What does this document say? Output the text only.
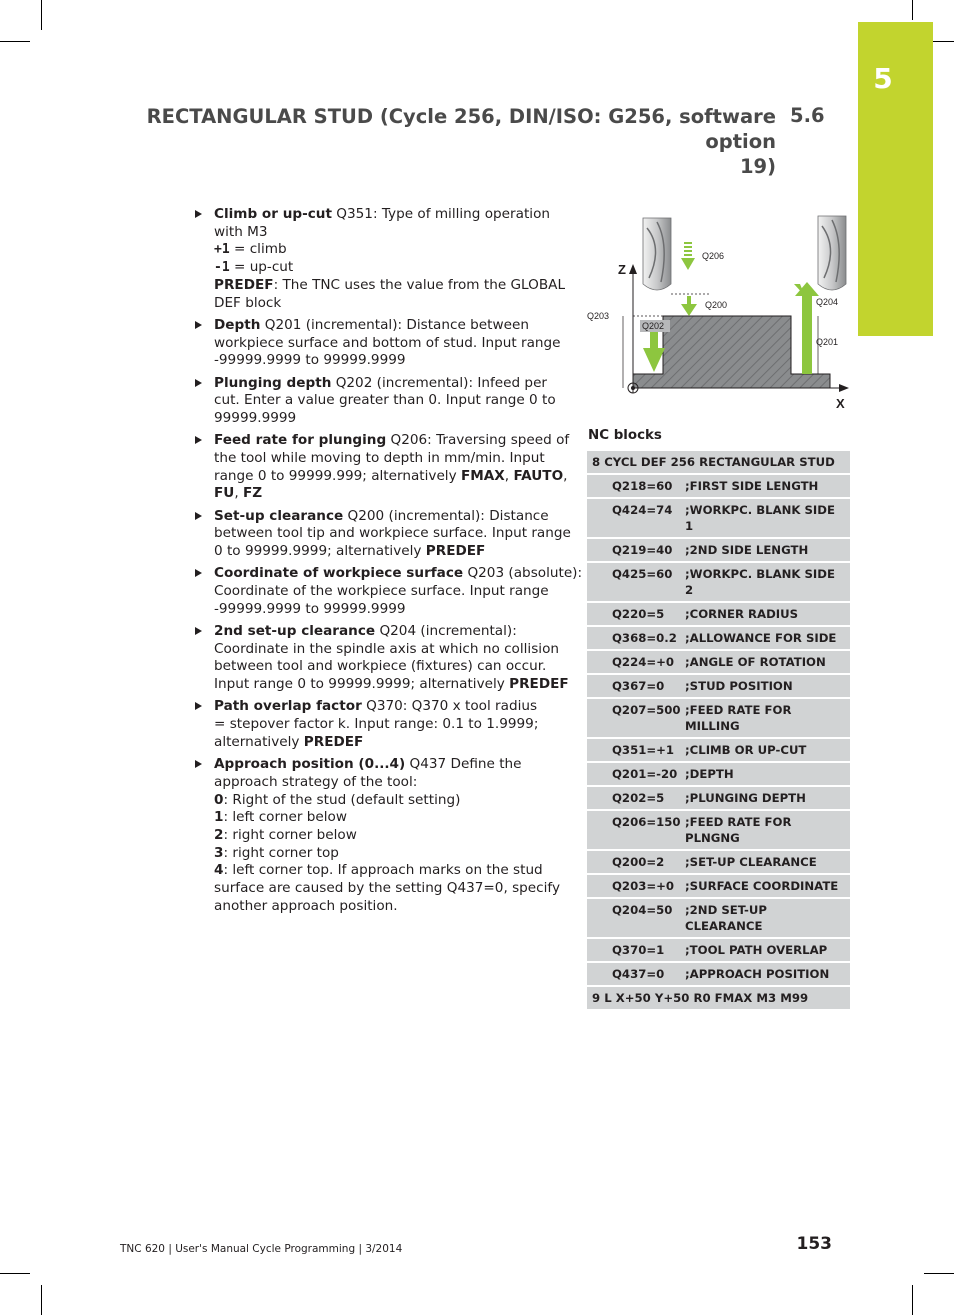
5
RECTANGULAR STUD (Cycle 256, DIN/ISO: G256, software option
19)
5.6
Climb or up-cut Q351: Type of milling operation
with M3
+1 = climb
-1 = up-cut
PREDEF: The TNC uses the value from the GLOBAL
DEF block
Depth Q201 (incremental): Distance between
workpiece surface and bottom of stud. Input range
-99999.9999 to 99999.9999
Plunging depth Q202 (incremental): Infeed per
cut. Enter a value greater than 0. Input range 0 to
99999.9999
Feed rate for plunging Q206: Traversing speed of
the tool while moving to depth in mm/min. Input
range 0 to 99999.999; alternatively FMAX, FAUTO,
FU, FZ
Set-up clearance Q200 (incremental): Distance
between tool tip and workpiece surface. Input range
0 to 99999.9999; alternatively PREDEF
Coordinate of workpiece surface Q203 (absolute):
Coordinate of the workpiece surface. Input range
-99999.9999 to 99999.9999
2nd set-up clearance Q204 (incremental):
Coordinate in the spindle axis at which no collision
between tool and workpiece (fixtures) can occur.
Input range 0 to 99999.9999; alternatively PREDEF
Path overlap factor Q370: Q370 x tool radius
= stepover factor k. Input range: 0.1 to 1.9999;
alternatively PREDEF
Approach position (0...4) Q437 Define the
approach strategy of the tool:
0: Right of the stud (default setting)
1: left corner below
2: right corner below
3: right corner top
4: left corner top. If approach marks on the stud
surface are caused by the setting Q437=0, specify
another approach position.
Z
X
Q206
Q200	Q204
Q203
Q202
Q201
NC blocks
8 CYCL DEF 256 RECTANGULAR STUD
Q218=60	;FIRST SIDE LENGTH
Q424=74	;WORKPC. BLANK SIDE 1
Q219=40	;2ND SIDE LENGTH
Q425=60	;WORKPC. BLANK SIDE 2
Q220=5	;CORNER RADIUS
Q368=0.2 ;ALLOWANCE FOR SIDE
Q224=+0 ;ANGLE OF ROTATION
Q367=0	;STUD POSITION
Q207=500 ;FEED RATE FOR MILLING
Q351=+1 ;CLIMB OR UP-CUT
Q201=-20 ;DEPTH
Q202=5	;PLUNGING DEPTH
Q206=150 ;FEED RATE FOR PLNGNG
Q200=2	;SET-UP CLEARANCE
Q203=+0 ;SURFACE COORDINATE
Q204=50	;2ND SET-UP CLEARANCE
Q370=1	;TOOL PATH OVERLAP
Q437=0	;APPROACH POSITION
9 L X+50 Y+50 R0 FMAX M3 M99
TNC 620 | User's Manual Cycle Programming | 3/2014	153
